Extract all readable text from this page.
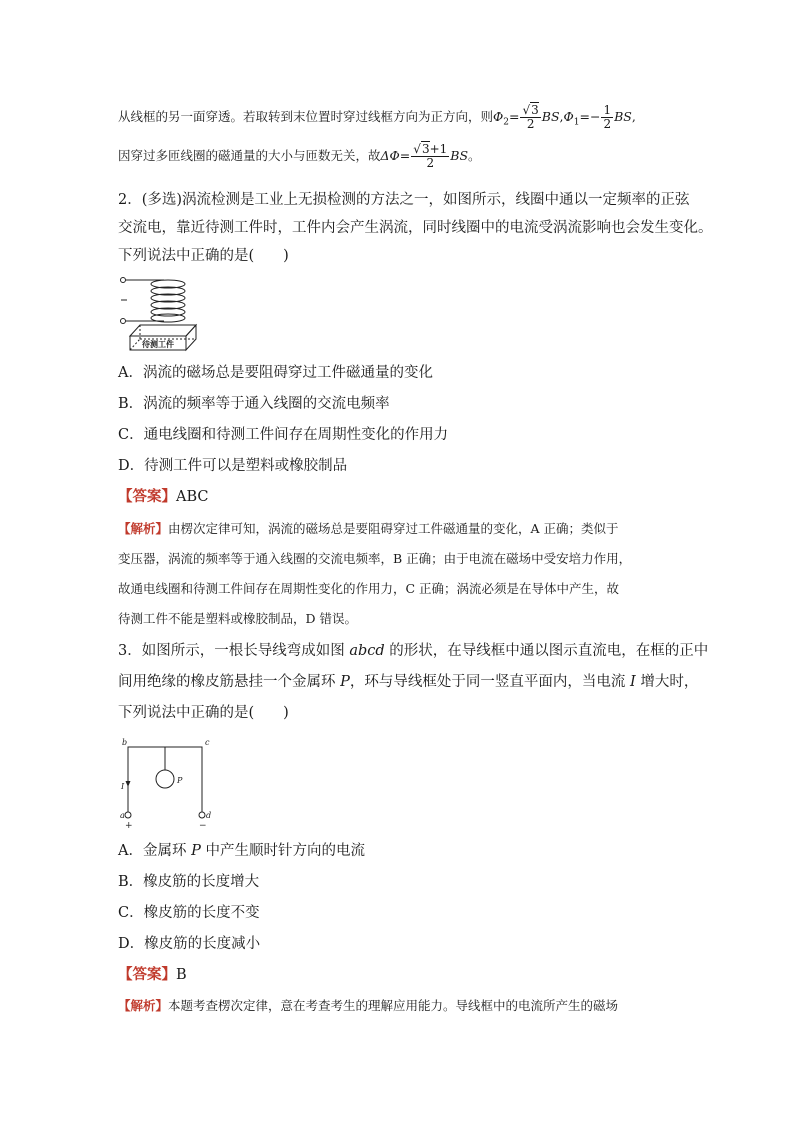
从线框的另一面穿透。若取转到末位置时穿过线框方向为正方向，则$\Phi_2= \frac{√3}{2} BS,\Phi_1=- \frac{1}{2}$ BS,
因穿过多匝线圈的磁通量的大小与匝数无关，故$\Delta\Phi= \frac{√3+1}{2}$ BS。
2．(多选)涡流检测是工业上无损检测的方法之一，如图所示，线圈中通以一定频率的正弦
交流电，靠近待测工件时，工件内会产生涡流，同时线圈中的电流受涡流影响也会发生变化。
下列说法中正确的是(　　)
待测工件
A．涡流的磁场总是要阻碍穿过工件磁通量的变化
B．涡流的频率等于通入线圈的交流电频率
C．通电线圈和待测工件间存在周期性变化的作用力
D．待测工件可以是塑料或橡胶制品
【答案】ABC
【解析】由楞次定律可知，涡流的磁场总是要阻碍穿过工件磁通量的变化，A 正确；类似于
变压器，涡流的频率等于通入线圈的交流电频率，B 正确；由于电流在磁场中受安培力作用，
故通电线圈和待测工件间存在周期性变化的作用力，C 正确；涡流必须是在导体中产生，故
待测工件不能是塑料或橡胶制品，D 错误。
3．如图所示，一根长导线弯成如图 abcd 的形状，在导线框中通以图示直流电，在框的正中
间用绝缘的橡皮筋悬挂一个金属环 P，环与导线框处于同一竖直平面内，当电流 I 增大时，
下列说法中正确的是(　　)
b	c
a	d
P
I
+	−
A．金属环 P 中产生顺时针方向的电流
B．橡皮筋的长度增大
C．橡皮筋的长度不变
D．橡皮筋的长度减小
【答案】B
【解析】本题考查楞次定律，意在考查考生的理解应用能力。导线框中的电流所产生的磁场
